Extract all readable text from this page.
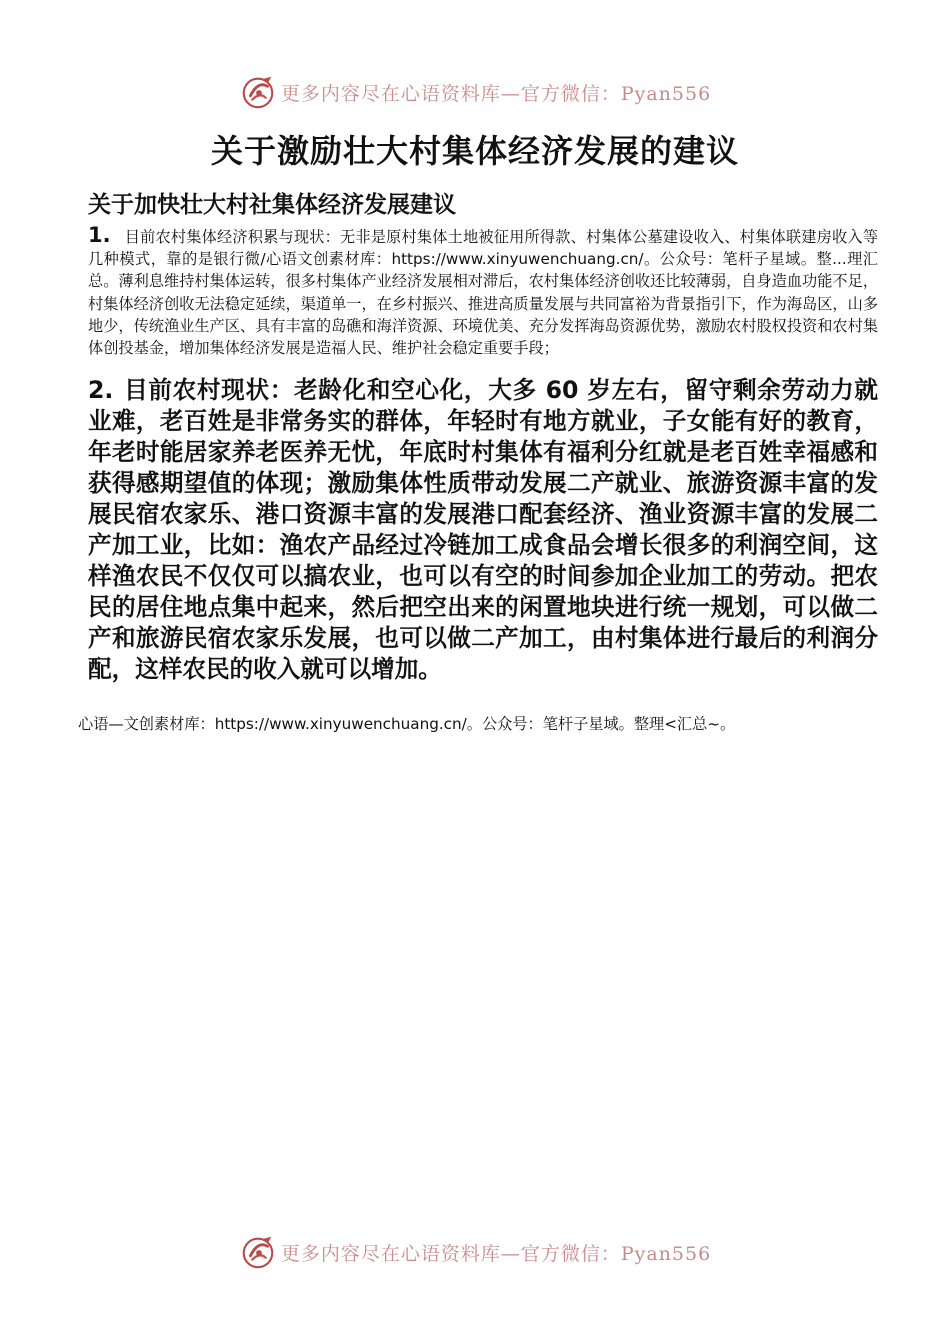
更多内容尽在心语资料库—官方微信：Pyan556
关于激励壮大村集体经济发展的建议
关于加快壮大村社集体经济发展建议

1. 目前农村集体经济积累与现状：无非是原村集体土地被征用所得款、村集体公墓建设收入、村集体联建房收入等几种模式，靠的是银行微/心语文创素材库：https://www.xinyuwenchuang.cn/。公众号：笔杆子星域。整...理汇总。薄利息维持村集体运转，很多村集体产业经济发展相对滞后，农村集体经济创收还比较薄弱，自身造血功能不足，村集体经济创收无法稳定延续，渠道单一，在乡村振兴、推进高质量发展与共同富裕为背景指引下，作为海岛区，山多地少，传统渔业生产区、具有丰富的岛礁和海洋资源、环境优美、充分发挥海岛资源优势，激励农村股权投资和农村集体创投基金，增加集体经济发展是造福人民、维护社会稳定重要手段；

2. 目前农村现状：老龄化和空心化，大多 60 岁左右，留守剩余劳动力就业难，老百姓是非常务实的群体，年轻时有地方就业，子女能有好的教育，年老时能居家养老医养无忧，年底时村集体有福利分红就是老百姓幸福感和获得感期望值的体现；激励集体性质带动发展二产就业、旅游资源丰富的发展民宿农家乐、港口资源丰富的发展港口配套经济、渔业资源丰富的发展二产加工业，比如：渔农产品经过冷链加工成食品会增长很多的利润空间，这样渔农民不仅仅可以搞农业，也可以有空的时间参加企业加工的劳动。把农民的居住地点集中起来，然后把空出来的闲置地块进行统一规划，可以做二产和旅游民宿农家乐发展，也可以做二产加工，由村集体进行最后的利润分配，这样农民的收入就可以增加。

心语—文创素材库：https://www.xinyuwenchuang.cn/。公众号：笔杆子星域。整理<汇总~。

更多内容尽在心语资料库—官方微信：Pyan556
